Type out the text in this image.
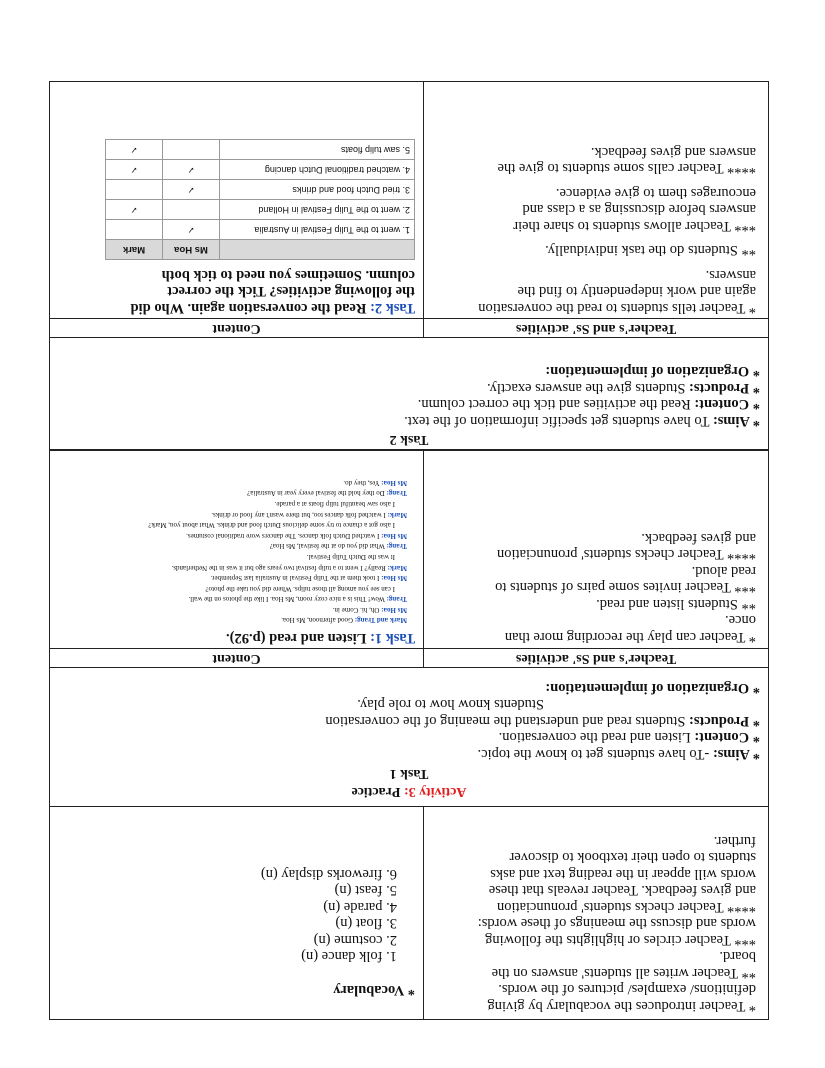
* Teacher introduces the vocabulary by giving

definitions/ examples/ pictures of the words.

** Teacher writes all students' answers on the

board.

*** Teacher circles or highlights the following

words and discuss the meanings of these words:

**** Teacher checks students' pronunciation

and gives feedback. Teacher reveals that these

words will appear in the reading text and asks

students to open their textbook to discover

further.

* Vocabulary

1. folk dance (n)

2. costume (n)

3. float (n)

4. parade (n)

5. feast (n)

6. fireworks display (n)

Activity 3: Practice
Task 1

* Aims: -To have students get to know the topic.

* Content: Listen and read the conversation.

* Products: Students read and understand the meaning of the conversation

Students know how to role play.

* Organization of implementation:

Teacher's and Ss' activities
Content

* Teacher can play the recording more than

once.

** Students listen and read.

*** Teacher invites some pairs of students to

read aloud.

**** Teacher checks students' pronunciation

and gives feedback.

Task 1: Listen and read (p.92).

Mark and Trang: Good afternoon, Ms Hoa.

Ms Hoa: Oh, hi. Come in.

Trang: Wow! This is a nice cozy room, Ms Hoa. I like the photos on the wall.

I can see you among all those tulips. Where did you take the photo?

Ms Hoa: I took them at the Tulip Festival in Australia last September.

Mark: Really? I went to a tulip festival two years ago but it was in the Netherlands.

It was the Dutch Tulip Festival.

Trang: What did you do at the festival, Ms Hoa?

Ms Hoa: I watched Dutch folk dances. The dancers wore traditional costumes.

I also got a chance to try some delicious Dutch food and drinks. What about you, Mark?

Mark: I watched folk dances too, but there wasn't any food or drinks.

I also saw beautiful tulip floats at a parade.

Trang: Do they hold the festival every year in Australia?

Ms Hoa: Yes, they do.

Task 2

* Aims: To have students get specific information of the text.

* Content: Read the activities and tick the correct column.

* Products: Students give the answers exactly.

* Organization of implementation:

Teacher's and Ss' activities
Content

* Teacher tells students to read the conversation

again and work independently to find the

answers.

** Students do the task individually.

*** Teacher allows students to share their

answers before discussing as a class and

encourages them to give evidence.

**** Teacher calls some students to give the

answers and gives feedback.

Task 2: Read the conversation again. Who did

the following activities? Tick the correct

column. Sometimes you need to tick both

	Ms Hoa	Mark
1. went to the Tulip Festival in Australia	✓	
2. went to the Tulip Festival in Holland		✓
3. tried Dutch food and drinks	✓	
4. watched traditional Dutch dancing	✓	✓
5. saw tulip floats		✓
